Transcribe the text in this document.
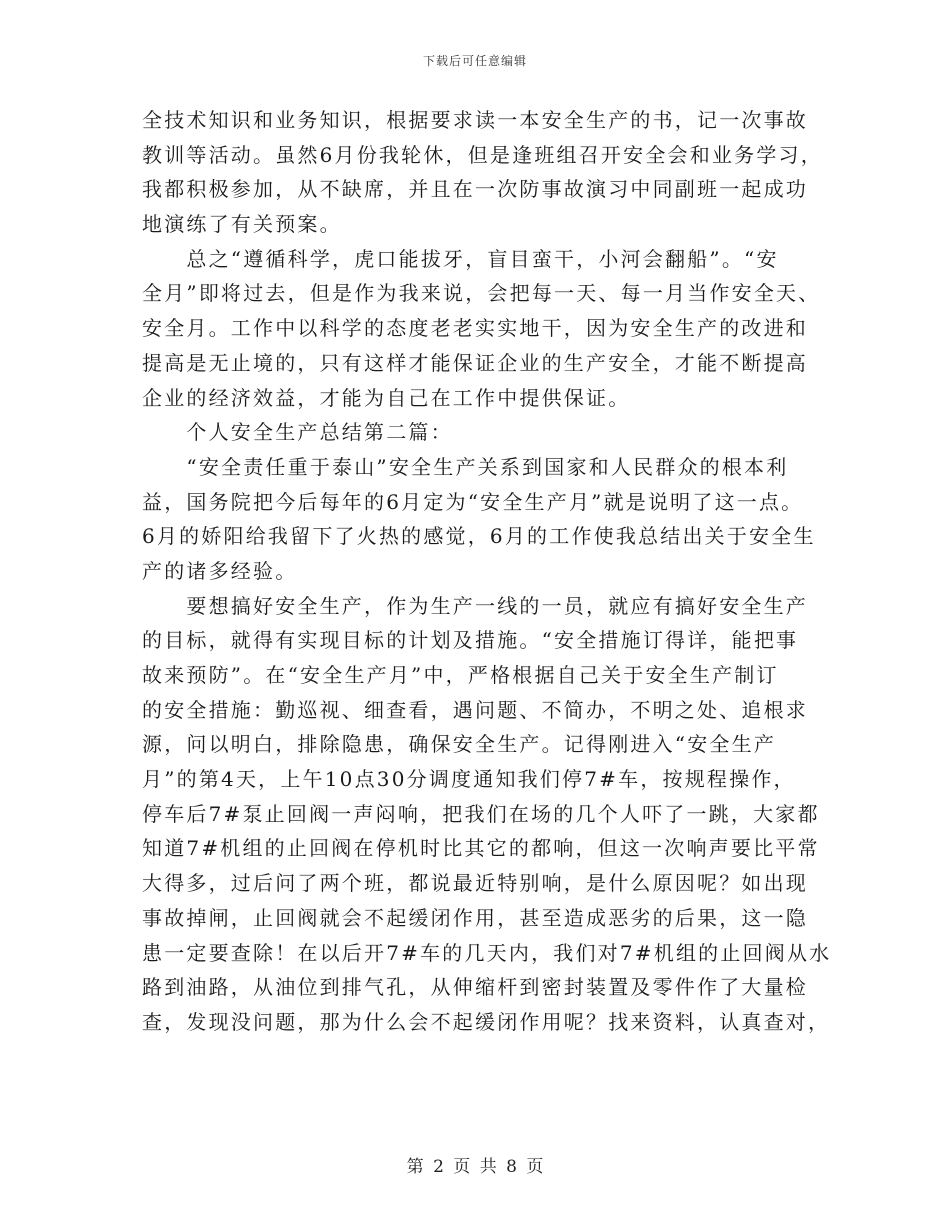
下载后可任意编辑
全技术知识和业务知识，根据要求读一本安全生产的书，记一次事故
教训等活动。虽然6月份我轮休，但是逢班组召开安全会和业务学习，
我都积极参加，从不缺席，并且在一次防事故演习中同副班一起成功
地演练了有关预案。
　　总之“遵循科学，虎口能拔牙，盲目蛮干，小河会翻船”。“安
全月”即将过去，但是作为我来说，会把每一天、每一月当作安全天、
安全月。工作中以科学的态度老老实实地干，因为安全生产的改进和
提高是无止境的，只有这样才能保证企业的生产安全，才能不断提高
企业的经济效益，才能为自己在工作中提供保证。
　　个人安全生产总结第二篇：
　　“安全责任重于泰山”安全生产关系到国家和人民群众的根本利
益，国务院把今后每年的6月定为“安全生产月”就是说明了这一点。
6月的娇阳给我留下了火热的感觉，6月的工作使我总结出关于安全生
产的诸多经验。
　　要想搞好安全生产，作为生产一线的一员，就应有搞好安全生产
的目标，就得有实现目标的计划及措施。“安全措施订得详，能把事
故来预防”。在“安全生产月”中，严格根据自己关于安全生产制订
的安全措施：勤巡视、细查看，遇问题、不简办，不明之处、追根求
源，问以明白，排除隐患，确保安全生产。记得刚进入“安全生产
月”的第4天，上午10点30分调度通知我们停7#车，按规程操作，
停车后7#泵止回阀一声闷响，把我们在场的几个人吓了一跳，大家都
知道7#机组的止回阀在停机时比其它的都响，但这一次响声要比平常
大得多，过后问了两个班，都说最近特别响，是什么原因呢？如出现
事故掉闸，止回阀就会不起缓闭作用，甚至造成恶劣的后果，这一隐
患一定要查除！在以后开7#车的几天内，我们对7#机组的止回阀从水
路到油路，从油位到排气孔，从伸缩杆到密封装置及零件作了大量检
查，发现没问题，那为什么会不起缓闭作用呢？找来资料，认真查对，
第 2 页 共 8 页
